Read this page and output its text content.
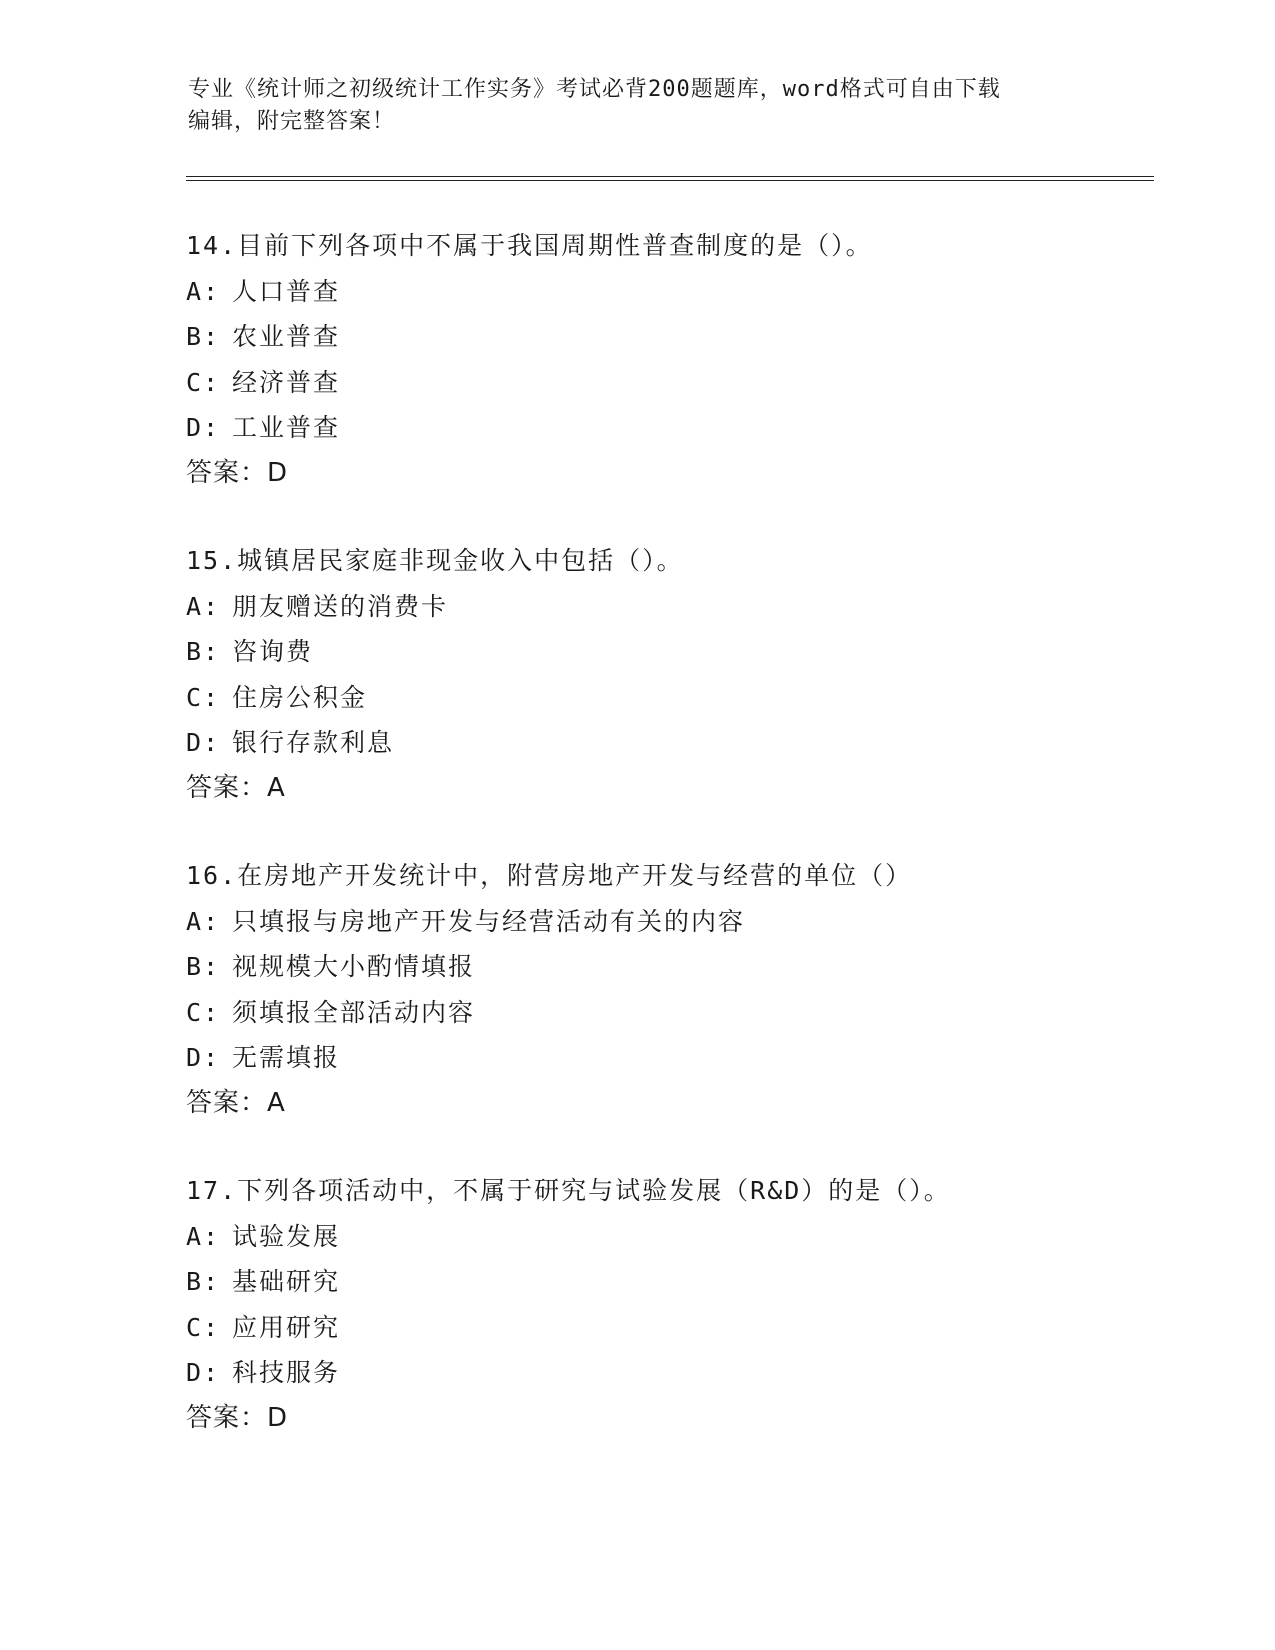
专业《统计师之初级统计工作实务》考试必背200题题库，word格式可自由下载
编辑，附完整答案！
14.目前下列各项中不属于我国周期性普查制度的是（）。
A: 人口普查
B: 农业普查
C: 经济普查
D: 工业普查
答案：D
15.城镇居民家庭非现金收入中包括（）。
A: 朋友赠送的消费卡
B: 咨询费
C: 住房公积金
D: 银行存款利息
答案：A
16.在房地产开发统计中，附营房地产开发与经营的单位（）
A: 只填报与房地产开发与经营活动有关的内容
B: 视规模大小酌情填报
C: 须填报全部活动内容
D: 无需填报
答案：A
17.下列各项活动中，不属于研究与试验发展（R&D）的是（）。
A: 试验发展
B: 基础研究
C: 应用研究
D: 科技服务
答案：D
